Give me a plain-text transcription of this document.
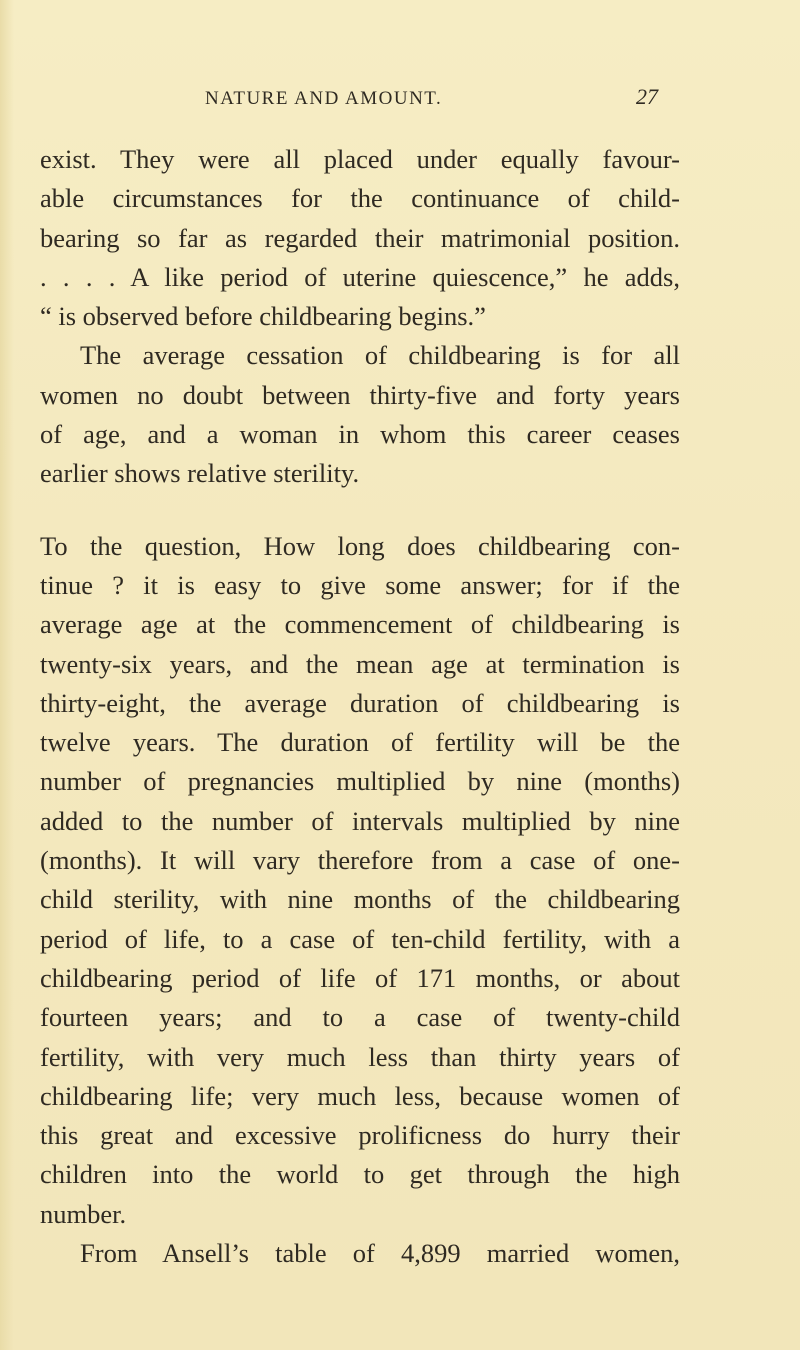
NATURE AND AMOUNT.	27
exist. They were all placed under equally favour-
able circumstances for the continuance of child-
bearing so far as regarded their matrimonial position.
. . . . A like period of uterine quiescence,” he adds,
“ is observed before childbearing begins.”
The average cessation of childbearing is for all
women no doubt between thirty-five and forty years
of age, and a woman in whom this career ceases
earlier shows relative sterility.
To the question, How long does childbearing con-
tinue ? it is easy to give some answer; for if the
average age at the commencement of childbearing is
twenty-six years, and the mean age at termination is
thirty-eight, the average duration of childbearing is
twelve years. The duration of fertility will be the
number of pregnancies multiplied by nine (months)
added to the number of intervals multiplied by nine
(months). It will vary therefore from a case of one-
child sterility, with nine months of the childbearing
period of life, to a case of ten-child fertility, with a
childbearing period of life of 171 months, or about
fourteen years; and to a case of twenty-child
fertility, with very much less than thirty years of
childbearing life; very much less, because women of
this great and excessive prolificness do hurry their
children into the world to get through the high
number.
From Ansell’s table of 4,899 married women,
